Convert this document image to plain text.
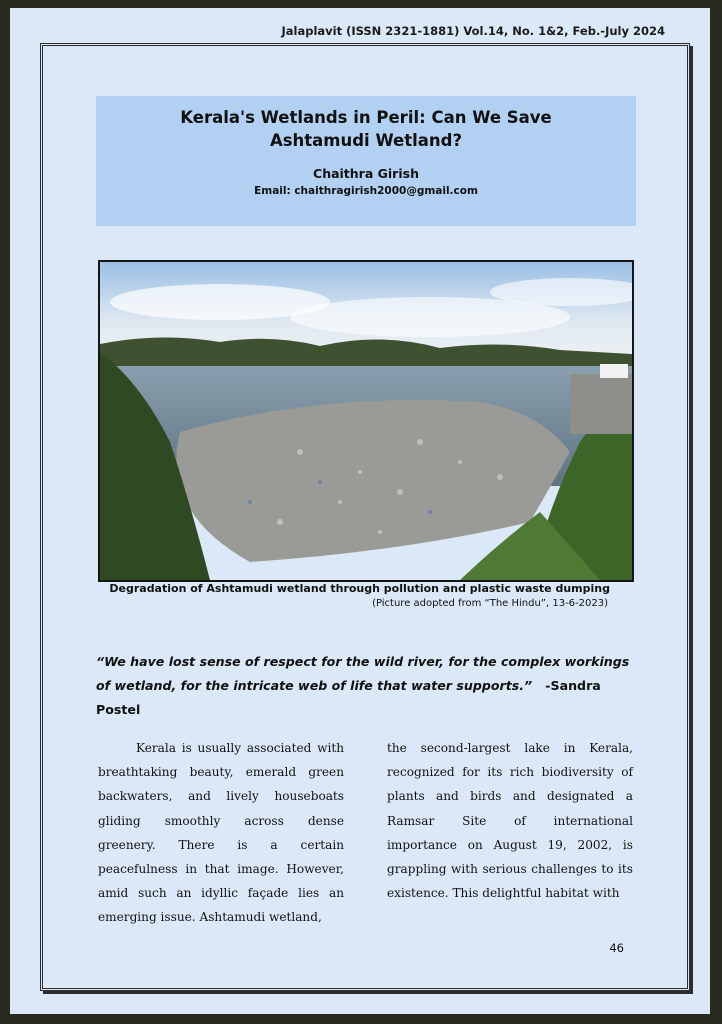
Jalaplavit (ISSN 2321-1881) Vol.14, No. 1&2, Feb.-July 2024
Kerala's Wetlands in Peril: Can We Save Ashtamudi Wetland?
Chaithra Girish
Email: chaithragirish2000@gmail.com
Degradation of Ashtamudi wetland through pollution and plastic waste dumping
(Picture adopted from “The Hindu”, 13-6-2023)
“We have lost sense of respect for the wild river, for the complex workings of wetland, for the intricate web of life that water supports.” -Sandra Postel
Kerala is usually associated with breathtaking beauty, emerald green backwaters, and lively houseboats gliding smoothly across dense greenery. There is a certain peacefulness in that image. However, amid such an idyllic façade lies an emerging issue. Ashtamudi wetland,
the second-largest lake in Kerala, recognized for its rich biodiversity of plants and birds and designated a Ramsar Site of international importance on August 19, 2002, is grappling with serious challenges to its existence. This delightful habitat with
46
